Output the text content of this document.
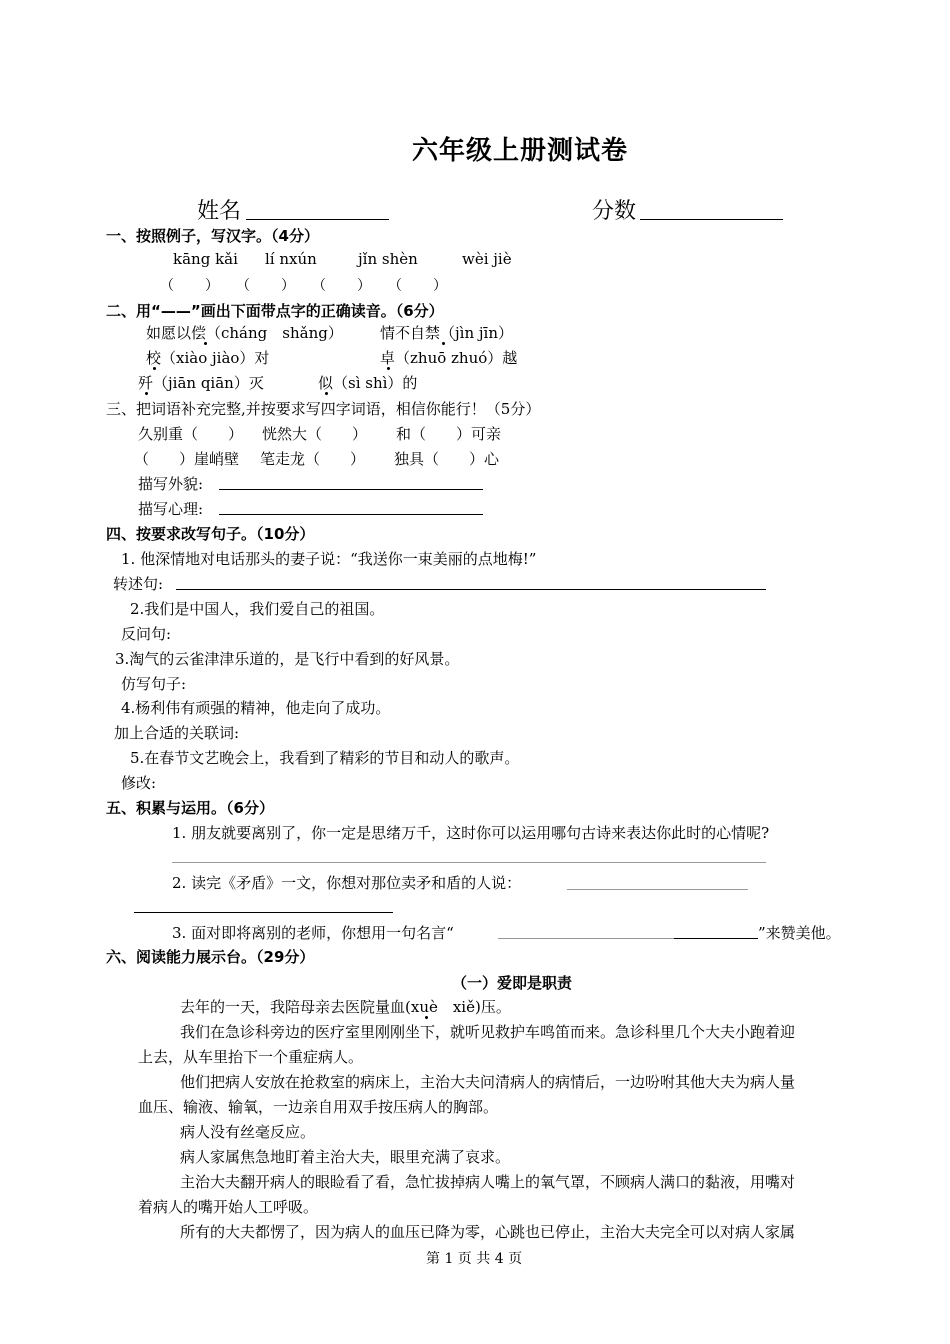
六年级上册测试卷
姓名	分数
一、按照例子，写汉字。（4分）
kāng kǎi lí nxún	jǐn shèn	wèi jiè
（　　）　　（　　）　　（　　）　　（　　）
二、用“——”画出下面带点字的正确读音。（6分）
如愿以偿（cháng　shǎng） 情不自禁（jìn jīn）
校（xiào jiào）对	卓（zhuō zhuó）越
歼（jiān qiān）灭	似（sì shì）的
三、把词语补充完整,并按要求写四字词语，相信你能行！（5分）
久别重（　　） 恍然大（　　） 和（　　）可亲
（　　）崖峭壁 笔走龙（　　） 独具（　　）心
描写外貌:
描写心理:
四、按要求改写句子。（10分）
1. 他深情地对电话那头的妻子说：“我送你一束美丽的点地梅!”
转述句:
2.我们是中国人，我们爱自己的祖国。
反问句:
3.淘气的云雀津津乐道的，是飞行中看到的好风景。
仿写句子:
4.杨利伟有顽强的精神，他走向了成功。
加上合适的关联词:
5.在春节文艺晚会上，我看到了精彩的节目和动人的歌声。
修改:
五、积累与运用。（6分）
1. 朋友就要离别了，你一定是思绪万千，这时你可以运用哪句古诗来表达你此时的心情呢?
2. 读完《矛盾》一文，你想对那位卖矛和盾的人说：
3. 面对即将离别的老师，你想用一句名言“	”来赞美他。
六、阅读能力展示台。（29分）
（一）爱即是职责
去年的一天，我陪母亲去医院量血(xuè　xiě)压。
我们在急诊科旁边的医疗室里刚刚坐下，就听见救护车鸣笛而来。急诊科里几个大夫小跑着迎
上去，从车里抬下一个重症病人。
他们把病人安放在抢救室的病床上，主治大夫问清病人的病情后，一边吩咐其他大夫为病人量
血压、输液、输氧，一边亲自用双手按压病人的胸部。
病人没有丝毫反应。
病人家属焦急地盯着主治大夫，眼里充满了哀求。
主治大夫翻开病人的眼睑看了看，急忙拔掉病人嘴上的氧气罩，不顾病人满口的黏液，用嘴对
着病人的嘴开始人工呼吸。
所有的大夫都愣了，因为病人的血压已降为零，心跳也已停止，主治大夫完全可以对病人家属
第 1 页 共 4 页
